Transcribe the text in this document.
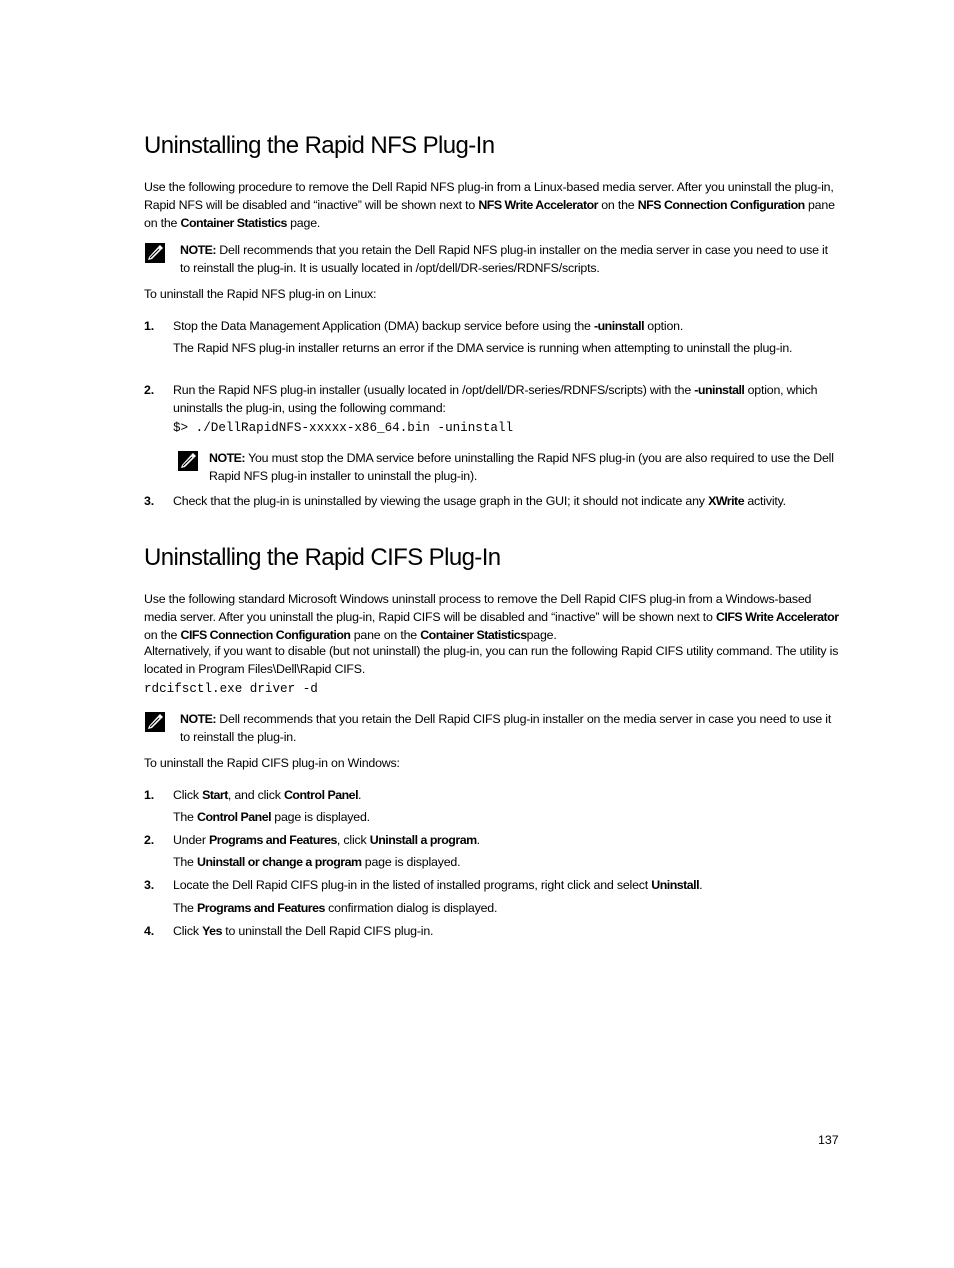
Uninstalling the Rapid NFS Plug-In

Use the following procedure to remove the Dell Rapid NFS plug-in from a Linux-based media server. After you uninstall the plug-in, Rapid NFS will be disabled and “inactive” will be shown next to NFS Write Accelerator on the NFS Connection Configuration pane on the Container Statistics page.

NOTE: Dell recommends that you retain the Dell Rapid NFS plug-in installer on the media server in case you need to use it to reinstall the plug-in. It is usually located in /opt/dell/DR-series/RDNFS/scripts.

To uninstall the Rapid NFS plug-in on Linux:

1. Stop the Data Management Application (DMA) backup service before using the -uninstall option.

The Rapid NFS plug-in installer returns an error if the DMA service is running when attempting to uninstall the plug-in.

2. Run the Rapid NFS plug-in installer (usually located in /opt/dell/DR-series/RDNFS/scripts) with the -uninstall option, which uninstalls the plug-in, using the following command:

$> ./DellRapidNFS-xxxxx-x86_64.bin -uninstall

NOTE: You must stop the DMA service before uninstalling the Rapid NFS plug-in (you are also required to use the Dell Rapid NFS plug-in installer to uninstall the plug-in).

3. Check that the plug-in is uninstalled by viewing the usage graph in the GUI; it should not indicate any XWrite activity.

Uninstalling the Rapid CIFS Plug-In

Use the following standard Microsoft Windows uninstall process to remove the Dell Rapid CIFS plug-in from a Windows-based media server. After you uninstall the plug-in, Rapid CIFS will be disabled and “inactive” will be shown next to CIFS Write Accelerator on the CIFS Connection Configuration pane on the Container Statisticspage.

Alternatively, if you want to disable (but not uninstall) the plug-in, you can run the following Rapid CIFS utility command. The utility is located in Program Files\Dell\Rapid CIFS.

rdcifsctl.exe driver -d

NOTE: Dell recommends that you retain the Dell Rapid CIFS plug-in installer on the media server in case you need to use it to reinstall the plug-in.

To uninstall the Rapid CIFS plug-in on Windows:

1. Click Start, and click Control Panel.

The Control Panel page is displayed.

2. Under Programs and Features, click Uninstall a program.

The Uninstall or change a program page is displayed.

3. Locate the Dell Rapid CIFS plug-in in the listed of installed programs, right click and select Uninstall.

The Programs and Features confirmation dialog is displayed.

4. Click Yes to uninstall the Dell Rapid CIFS plug-in.

137
